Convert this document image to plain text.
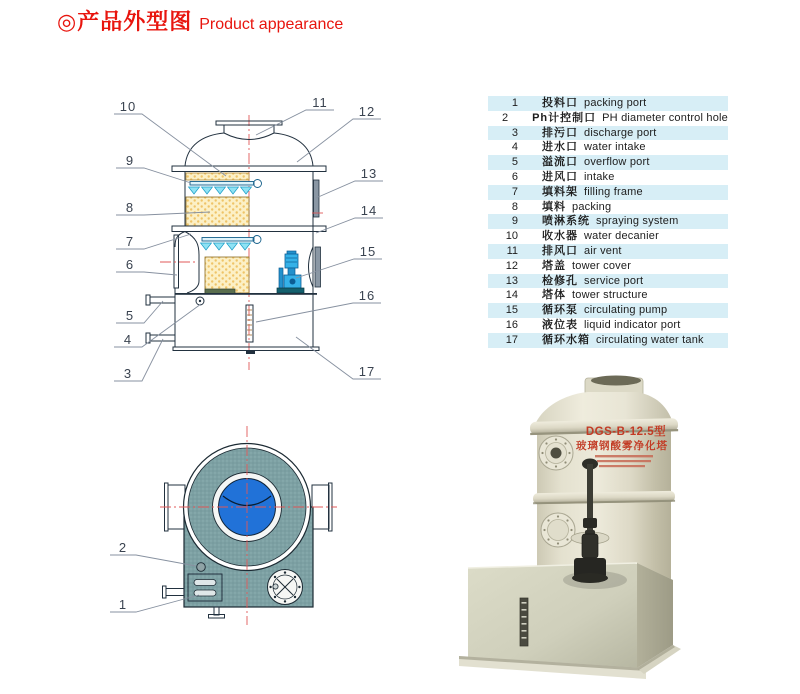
◎产品外型图 Product appearance
1 投料口 packing port
2 Ph计控制口 PH diameter control hole
3 排污口 discharge port
4 进水口 water intake
5 溢流口 overflow port
6 进风口 intake
7 填料架 filling frame
8 填料 packing
9 喷淋系统 spraying system
10 收水器 water decanier
11 排风口 air vent
12 塔盖 tower cover
13 检修孔 service port
14 塔体 tower structure
15 循环泵 circulating pump
16 液位表 liquid indicator port
17 循环水箱 circulating water tank
10	11
12
9
13
8	14
7
6
15
5
16
4
3	17
2
1
DGS-B-12.5型
玻璃钢酸雾净化塔
